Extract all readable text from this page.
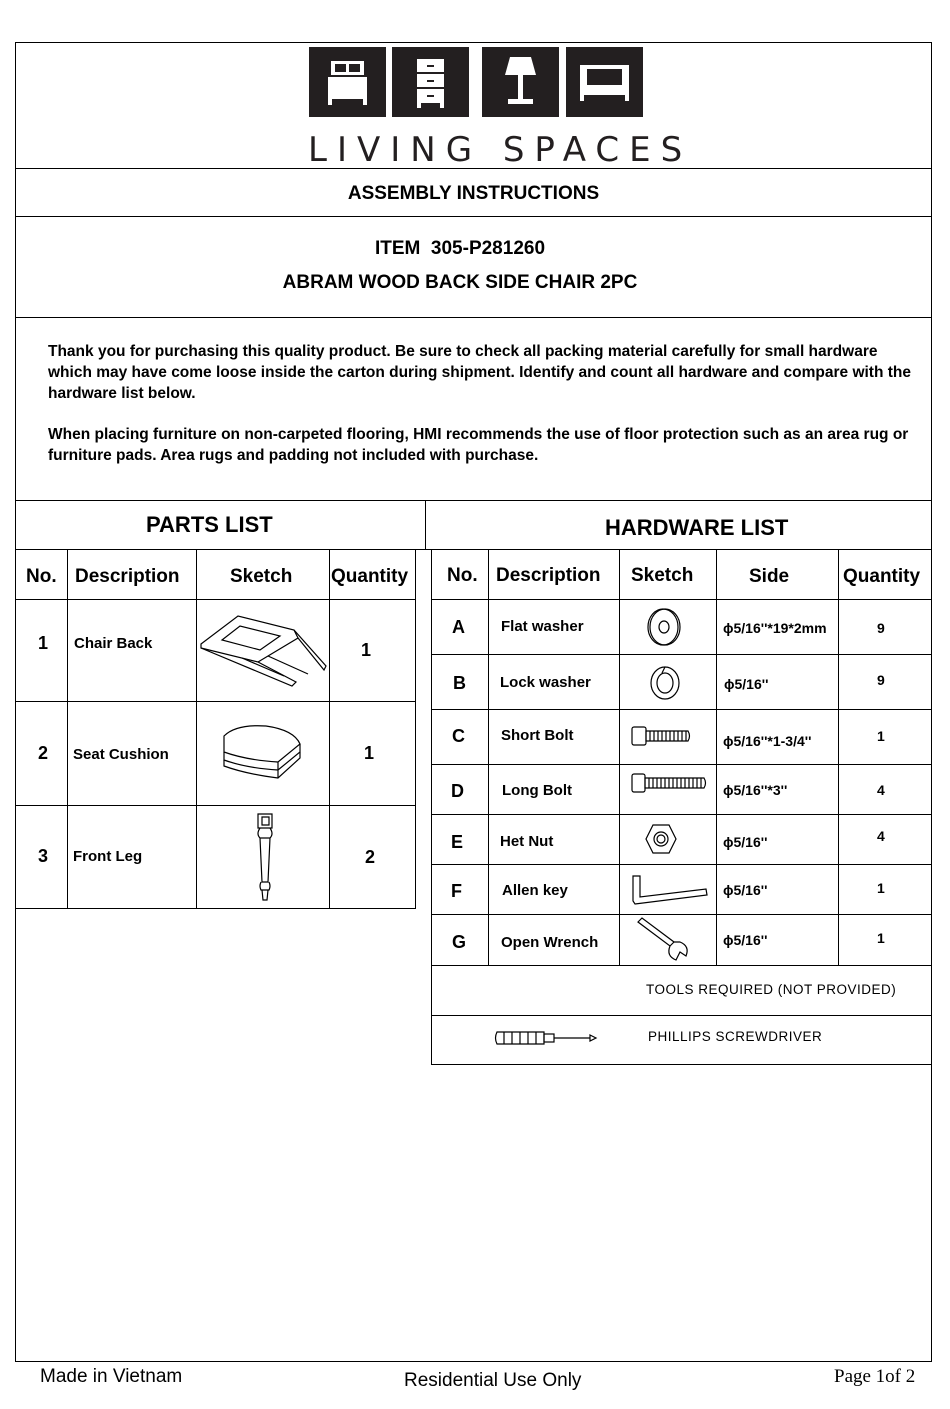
LIVING SPACES
ASSEMBLY INSTRUCTIONS
ITEM  305-P281260
ABRAM WOOD BACK SIDE CHAIR 2PC
Thank you for purchasing this quality product. Be sure to check all packing material carefully for small hardware which may have come loose inside the carton during shipment. Identify and count all hardware and compare with the hardware list below.
When placing furniture on non-carpeted flooring, HMI recommends the use of floor protection such as an area rug or furniture pads. Area rugs and padding not included with purchase.
PARTS LIST	HARDWARE LIST
No. Description	Sketch Quantity
1 Chair Back	1
2 Seat Cushion	1
3 Front Leg	2
No. Description Sketch	Side	Quantity
A Flat washer	ϕ5/16''*19*2mm	9
B Lock washer	ϕ5/16''	9
C Short Bolt	ϕ5/16''*1-3/4''	1
D	Long Bolt	ϕ5/16''*3''	4
E Het Nut	ϕ5/16''	4
F	Allen key	ϕ5/16''	1
G Open Wrench	ϕ5/16''	1
TOOLS REQUIRED (NOT PROVIDED)
PHILLIPS SCREWDRIVER
Made in Vietnam	Residential Use Only	Page 1of 2
